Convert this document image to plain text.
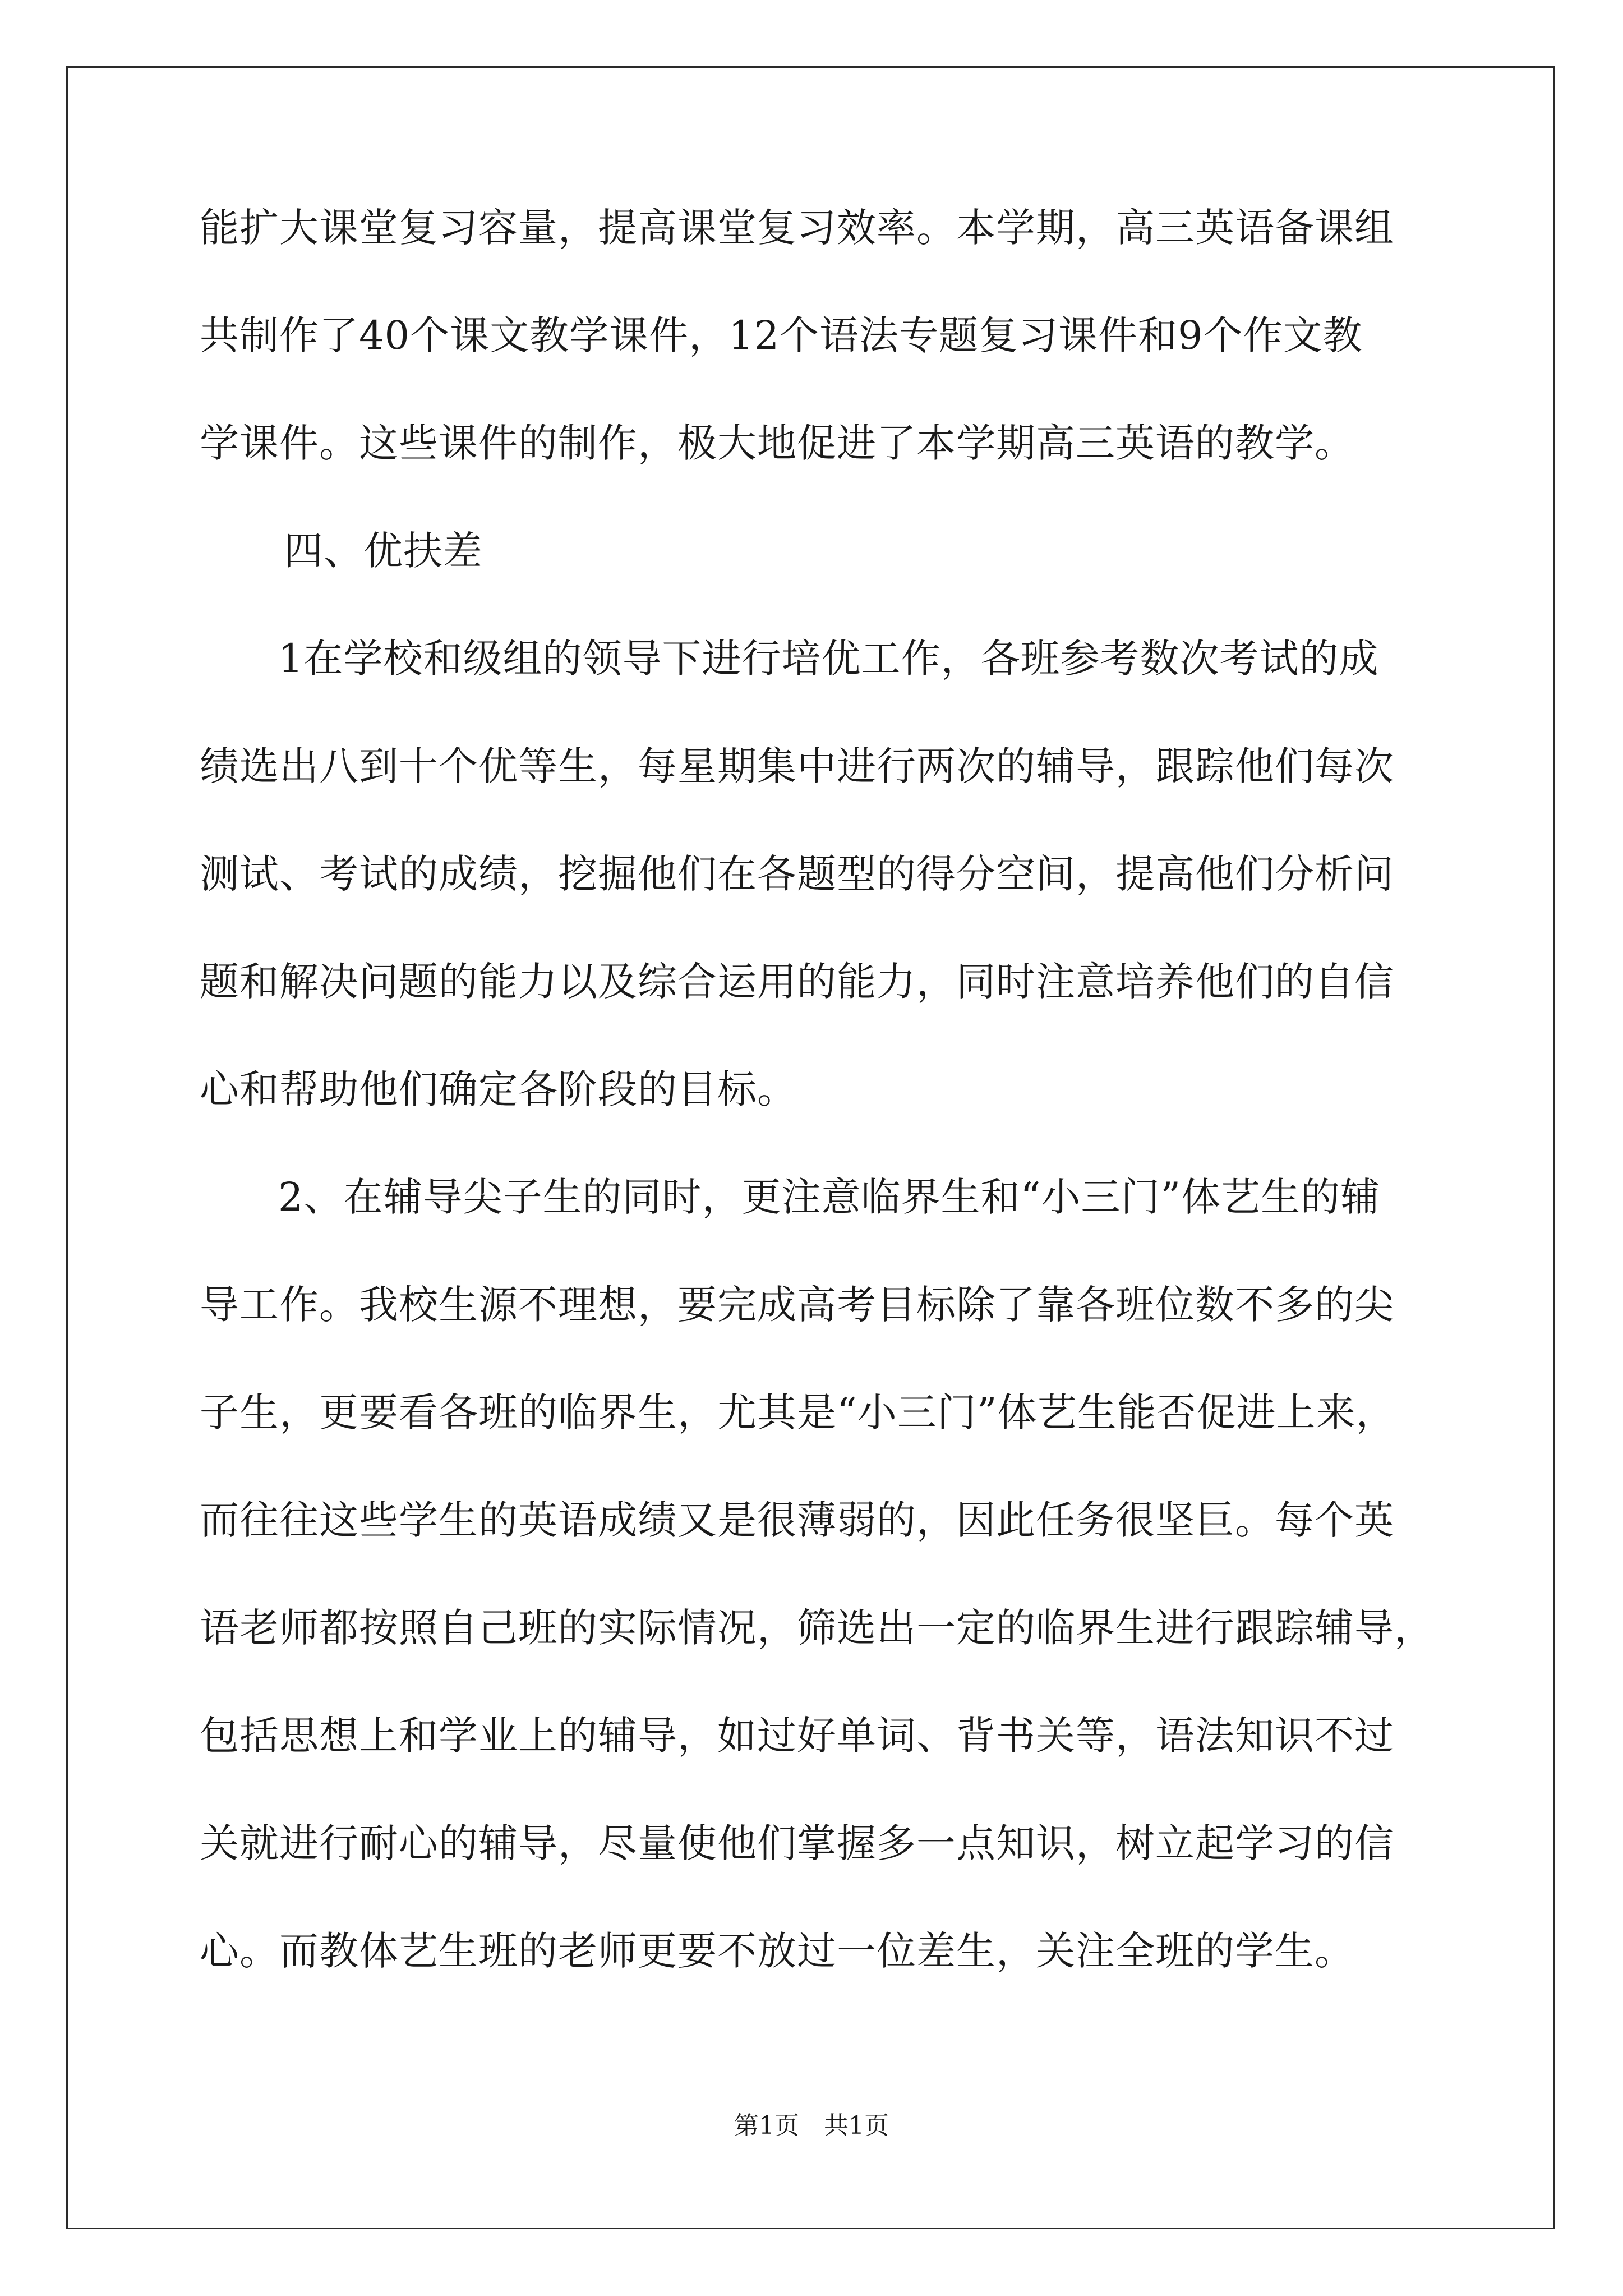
能扩大课堂复习容量，提高课堂复习效率。本学期，高三英语备课组
共制作了40个课文教学课件，12个语法专题复习课件和9个作文教
学课件。这些课件的制作，极大地促进了本学期高三英语的教学。
四、优扶差
1在学校和级组的领导下进行培优工作，各班参考数次考试的成
绩选出八到十个优等生，每星期集中进行两次的辅导，跟踪他们每次
测试、考试的成绩，挖掘他们在各题型的得分空间，提高他们分析问
题和解决问题的能力以及综合运用的能力，同时注意培养他们的自信
心和帮助他们确定各阶段的目标。
2、在辅导尖子生的同时，更注意临界生和“小三门”体艺生的辅
导工作。我校生源不理想，要完成高考目标除了靠各班位数不多的尖
子生，更要看各班的临界生，尤其是“小三门”体艺生能否促进上来，
而往往这些学生的英语成绩又是很薄弱的，因此任务很坚巨。每个英
语老师都按照自己班的实际情况，筛选出一定的临界生进行跟踪辅导，
包括思想上和学业上的辅导，如过好单词、背书关等，语法知识不过
关就进行耐心的辅导，尽量使他们掌握多一点知识，树立起学习的信
心。而教体艺生班的老师更要不放过一位差生，关注全班的学生。
第1页　共1页
